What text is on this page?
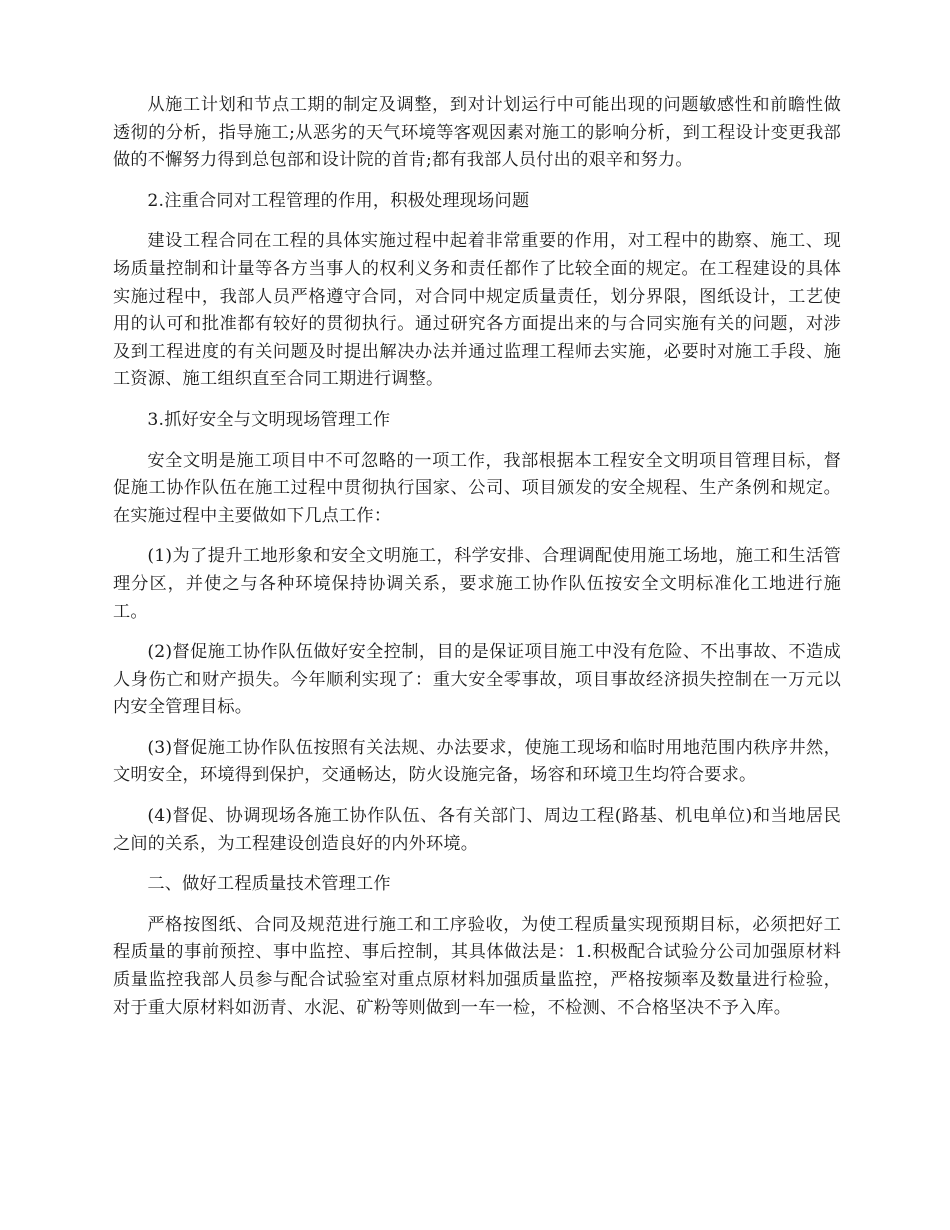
从施工计划和节点工期的制定及调整，到对计划运行中可能出现的问题敏感性和前瞻性做透彻的分析，指导施工;从恶劣的天气环境等客观因素对施工的影响分析，到工程设计变更我部做的不懈努力得到总包部和设计院的首肯;都有我部人员付出的艰辛和努力。

2.注重合同对工程管理的作用，积极处理现场问题

建设工程合同在工程的具体实施过程中起着非常重要的作用，对工程中的勘察、施工、现场质量控制和计量等各方当事人的权利义务和责任都作了比较全面的规定。在工程建设的具体实施过程中，我部人员严格遵守合同，对合同中规定质量责任，划分界限，图纸设计，工艺使用的认可和批准都有较好的贯彻执行。通过研究各方面提出来的与合同实施有关的问题，对涉及到工程进度的有关问题及时提出解决办法并通过监理工程师去实施，必要时对施工手段、施工资源、施工组织直至合同工期进行调整。

3.抓好安全与文明现场管理工作

安全文明是施工项目中不可忽略的一项工作，我部根据本工程安全文明项目管理目标，督促施工协作队伍在施工过程中贯彻执行国家、公司、项目颁发的安全规程、生产条例和规定。在实施过程中主要做如下几点工作：

(1)为了提升工地形象和安全文明施工，科学安排、合理调配使用施工场地，施工和生活管理分区，并使之与各种环境保持协调关系，要求施工协作队伍按安全文明标准化工地进行施工。

(2)督促施工协作队伍做好安全控制，目的是保证项目施工中没有危险、不出事故、不造成人身伤亡和财产损失。今年顺利实现了：重大安全零事故，项目事故经济损失控制在一万元以内安全管理目标。

(3)督促施工协作队伍按照有关法规、办法要求，使施工现场和临时用地范围内秩序井然，文明安全，环境得到保护，交通畅达，防火设施完备，场容和环境卫生均符合要求。

(4)督促、协调现场各施工协作队伍、各有关部门、周边工程(路基、机电单位)和当地居民之间的关系，为工程建设创造良好的内外环境。

二、做好工程质量技术管理工作

严格按图纸、合同及规范进行施工和工序验收，为使工程质量实现预期目标，必须把好工程质量的事前预控、事中监控、事后控制，其具体做法是：1.积极配合试验分公司加强原材料质量监控我部人员参与配合试验室对重点原材料加强质量监控，严格按频率及数量进行检验，对于重大原材料如沥青、水泥、矿粉等则做到一车一检，不检测、不合格坚决不予入库。
